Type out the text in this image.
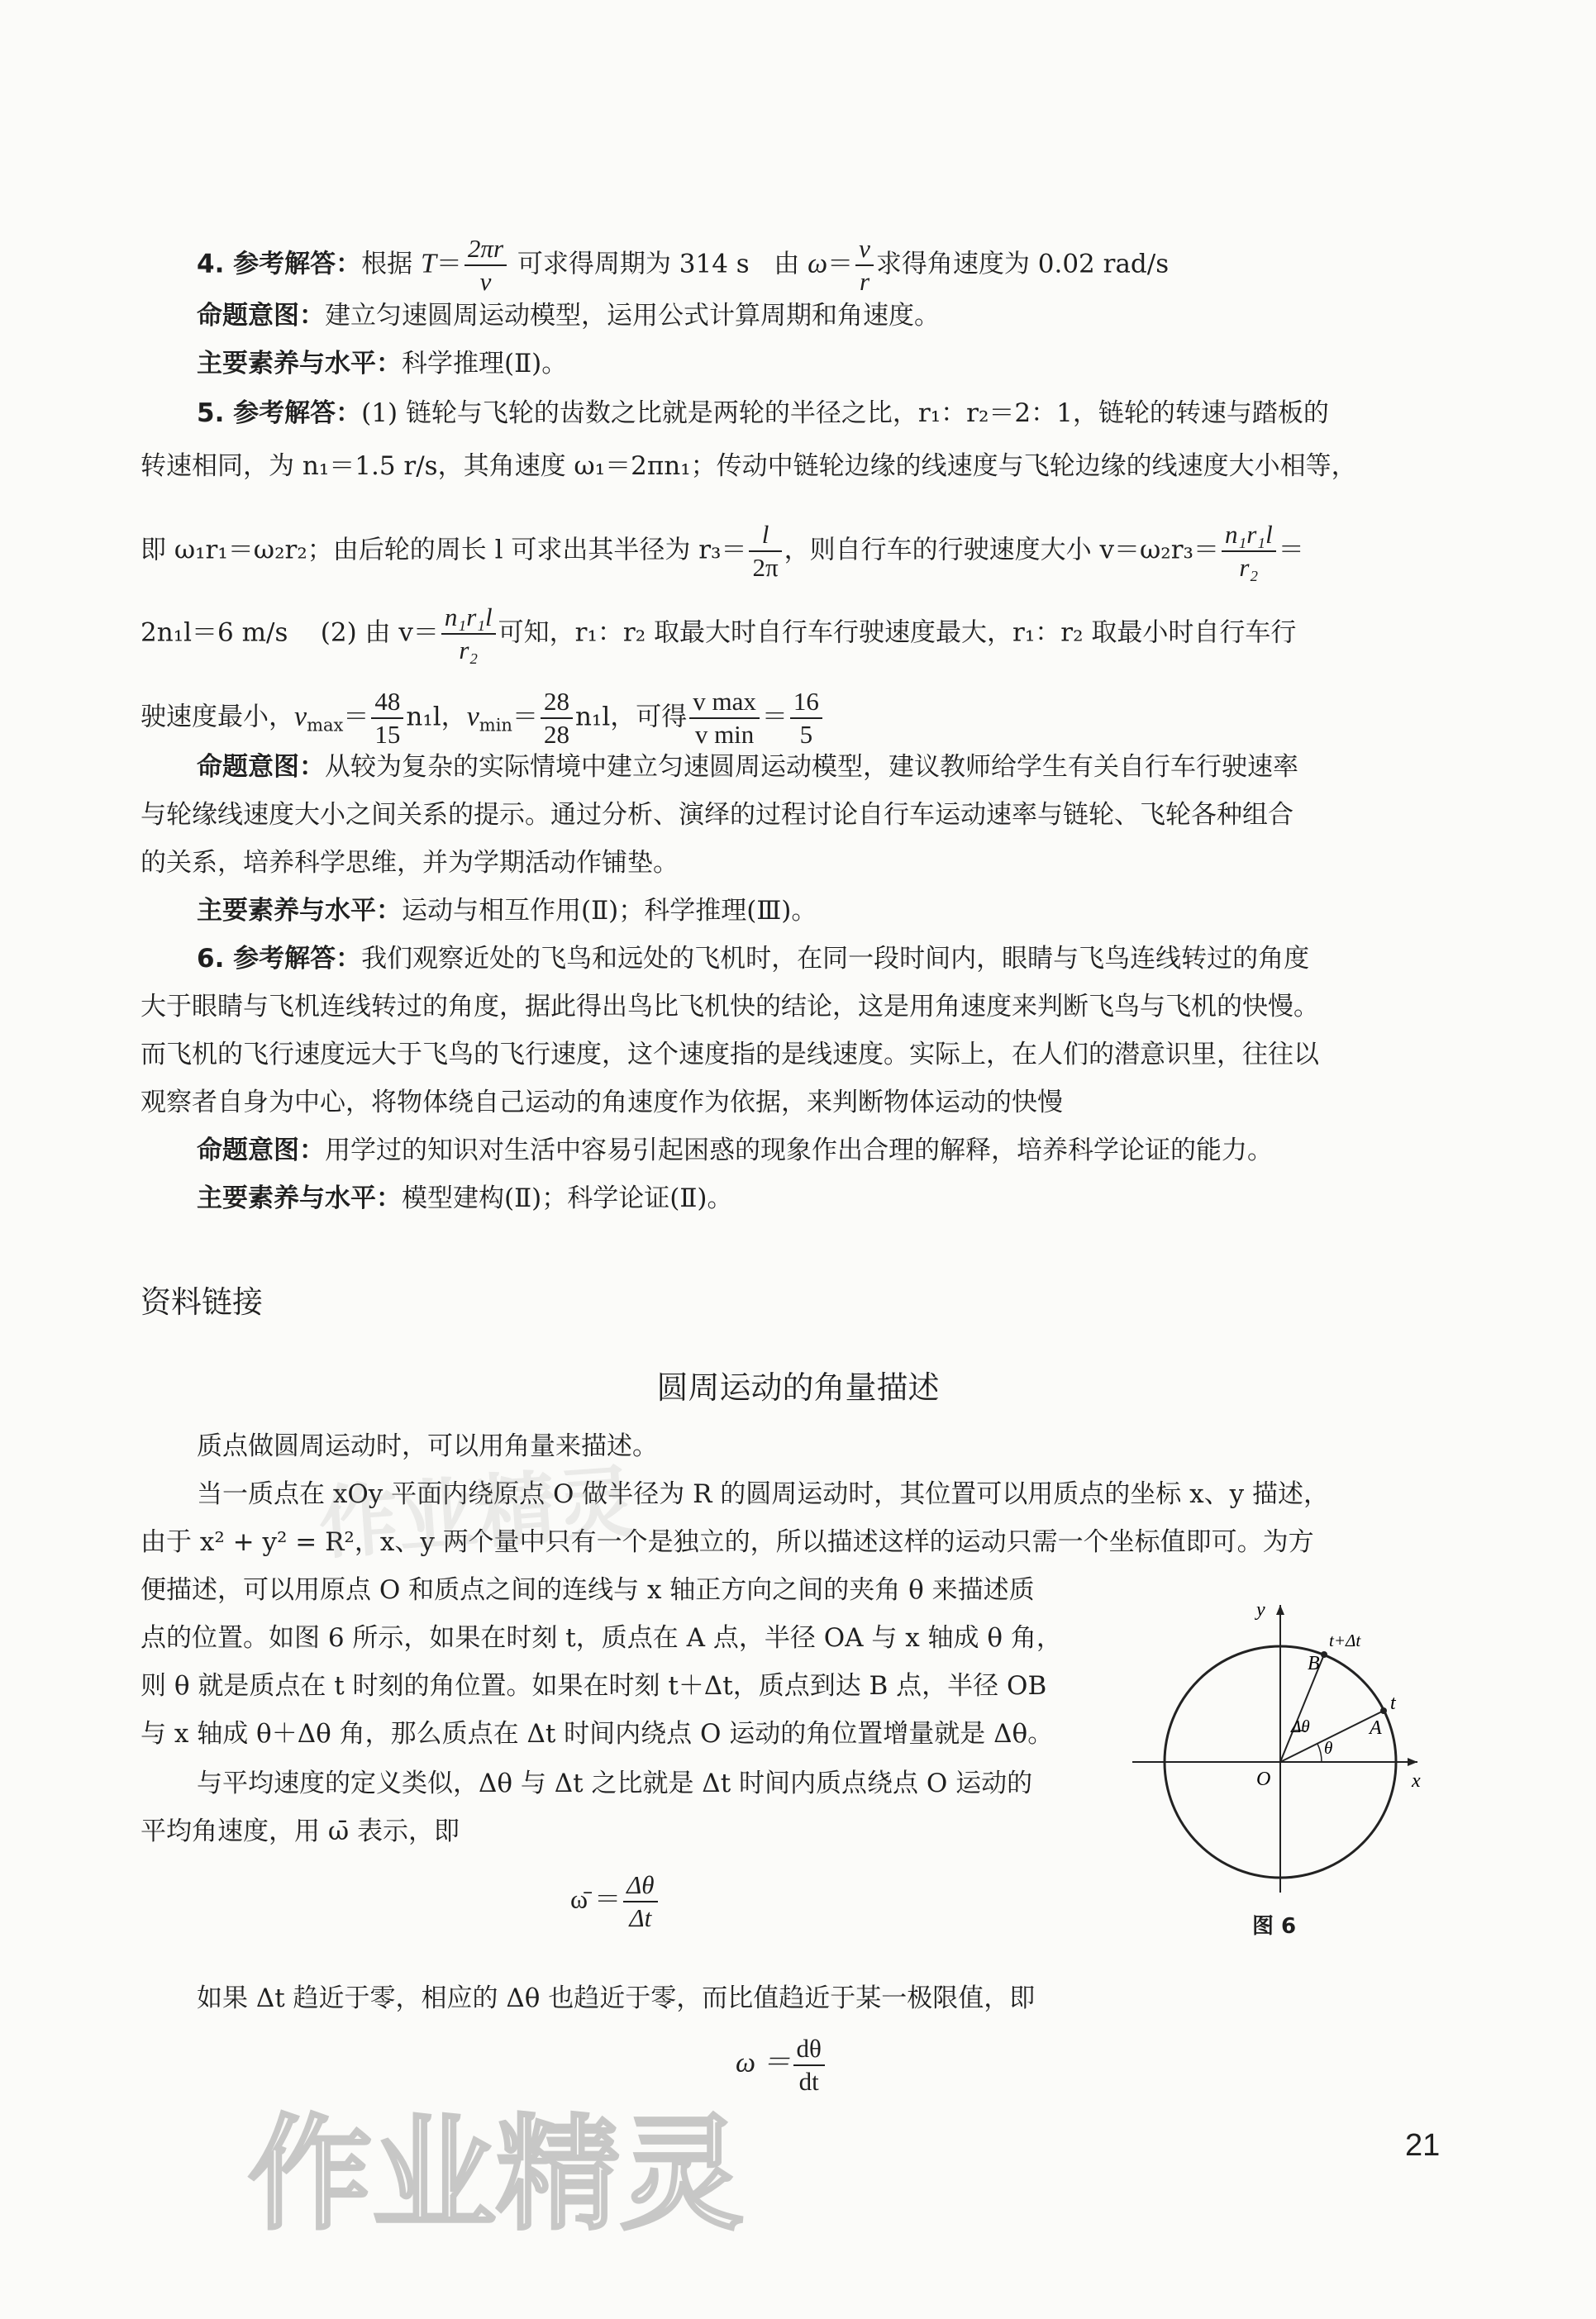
4. 参考解答：根据 $T= \frac{2\pi r}{v}$ 可求得周期为 314 s 由 $\omega= \frac{v}{r}$ 求得角速度为 0.02 rad/s
命题意图：建立匀速圆周运动模型，运用公式计算周期和角速度。
主要素养与水平：科学推理(Ⅱ)。
5. 参考解答：(1) 链轮与飞轮的齿数之比就是两轮的半径之比，r₁：r₂＝2：1，链轮的转速与踏板的
转速相同，为 n₁＝1.5 r/s，其角速度 ω₁＝2πn₁；传动中链轮边缘的线速度与飞轮边缘的线速度大小相等，
即 ω₁r₁＝ω₂r₂；由后轮的周长 l 可求出其半径为 $r_3= \frac{l}{2\pi}$ ，则自行车的行驶速度大小 $v=\omega_2r_3= \frac{\text{n₁r₁l}}{\text{r₂}}$ ＝
2n₁l＝6 m/s (2) 由 $v= \frac{\text{n₁r₁l}}{\text{r₂}}$ 可知，r₁：r₂ 取最大时自行车行驶速度最大，r₁：r₂ 取最小时自行车行
驶速度最小，$v_{max}= \frac{48}{15} n_1l$，$v_{min}= \frac{28}{28} n_1l$，可得 $\frac{\text{v max}}{\text{v min}} = \frac{16}{5}$
命题意图：从较为复杂的实际情境中建立匀速圆周运动模型，建议教师给学生有关自行车行驶速率
与轮缘线速度大小之间关系的提示。通过分析、演绎的过程讨论自行车运动速率与链轮、飞轮各种组合
的关系，培养科学思维，并为学期活动作铺垫。
主要素养与水平：运动与相互作用(Ⅱ)；科学推理(Ⅲ)。
6. 参考解答：我们观察近处的飞鸟和远处的飞机时，在同一段时间内，眼睛与飞鸟连线转过的角度
大于眼睛与飞机连线转过的角度，据此得出鸟比飞机快的结论，这是用角速度来判断飞鸟与飞机的快慢。
而飞机的飞行速度远大于飞鸟的飞行速度，这个速度指的是线速度。实际上，在人们的潜意识里，往往以
观察者自身为中心，将物体绕自己运动的角速度作为依据，来判断物体运动的快慢
命题意图：用学过的知识对生活中容易引起困惑的现象作出合理的解释，培养科学论证的能力。
主要素养与水平：模型建构(Ⅱ)；科学论证(Ⅱ)。
资料链接
圆周运动的角量描述
质点做圆周运动时，可以用角量来描述。
当一质点在 xOy 平面内绕原点 O 做半径为 R 的圆周运动时，其位置可以用质点的坐标 x、y 描述，
由于 x² + y² = R²，x、y 两个量中只有一个是独立的，所以描述这样的运动只需一个坐标值即可。为方
便描述，可以用原点 O 和质点之间的连线与 x 轴正方向之间的夹角 θ 来描述质
点的位置。如图 6 所示，如果在时刻 t，质点在 A 点，半径 OA 与 x 轴成 θ 角，
则 θ 就是质点在 t 时刻的角位置。如果在时刻 t＋Δt，质点到达 B 点，半径 OB
与 x 轴成 θ＋Δθ 角，那么质点在 Δt 时间内绕点 O 运动的角位置增量就是 Δθ。
与平均速度的定义类似，Δθ 与 Δt 之比就是 Δt 时间内质点绕点 O 运动的
平均角速度，用 ω̄ 表示，即
ω̄ ＝ $\frac{\Delta\theta}{\Delta t}$
如果 Δt 趋近于零，相应的 Δθ 也趋近于零，而比值趋近于某一极限值，即
$\omega = \frac{d\theta}{dt}$
y
x
O
A
B
t
t+Δt
Δθ
θ
图 6
作业精灵
作业精灵	21
